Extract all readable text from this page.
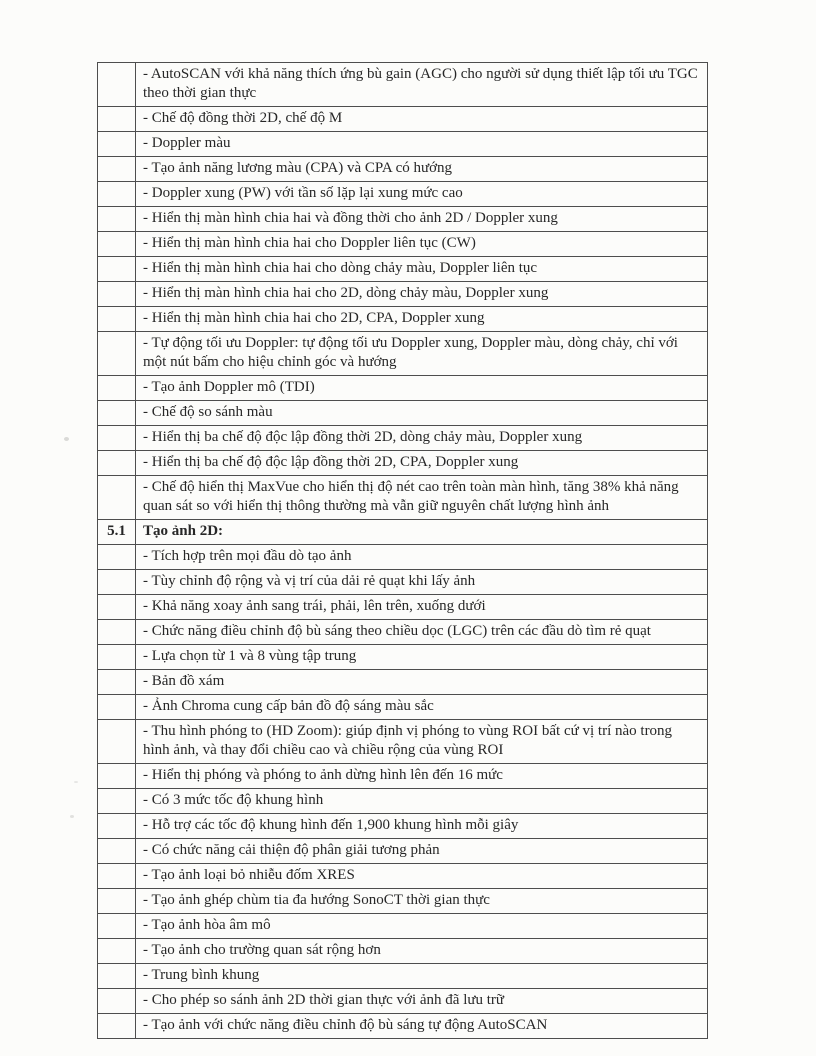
	- AutoSCAN với khả năng thích ứng bù gain (AGC) cho người sử dụng thiết lập tối ưu TGC theo thời gian thực
	- Chế độ đồng thời 2D, chế độ M
	- Doppler màu
	- Tạo ảnh năng lương màu (CPA) và CPA có hướng
	- Doppler xung (PW) với tần số lặp lại xung mức cao
	- Hiển thị màn hình chia hai và đồng thời cho ảnh 2D / Doppler xung
	- Hiển thị màn hình chia hai cho Doppler liên tục (CW)
	- Hiển thị màn hình chia hai cho dòng chảy màu, Doppler liên tục
	- Hiển thị màn hình chia hai cho 2D, dòng chảy màu, Doppler xung
	- Hiển thị màn hình chia hai cho 2D, CPA, Doppler xung
	- Tự động tối ưu Doppler: tự động tối ưu Doppler xung, Doppler màu, dòng chảy, chỉ với một nút bấm cho hiệu chỉnh góc và hướng
	- Tạo ảnh Doppler mô (TDI)
	- Chế độ so sánh màu
	- Hiển thị ba chế độ độc lập đồng thời 2D, dòng chảy màu, Doppler xung
	- Hiển thị ba chế độ độc lập đồng thời 2D, CPA, Doppler xung
	- Chế độ hiển thị MaxVue cho hiển thị độ nét cao trên toàn màn hình, tăng 38% khả năng quan sát so với hiển thị thông thường mà vẫn giữ nguyên chất lượng hình ảnh
5.1	Tạo ảnh 2D:
	- Tích hợp trên mọi đầu dò tạo ảnh
	- Tùy chỉnh độ rộng và vị trí của dải rẻ quạt khi lấy ảnh
	- Khả năng xoay ảnh sang trái, phải, lên trên, xuống dưới
	- Chức năng điều chỉnh độ bù sáng theo chiều dọc (LGC) trên các đầu dò tìm rẻ quạt
	- Lựa chọn từ 1 và 8 vùng tập trung
	- Bản đồ xám
	- Ảnh Chroma cung cấp bản đồ độ sáng màu sắc
	- Thu hình phóng to (HD Zoom): giúp định vị phóng to vùng ROI bất cứ vị trí nào trong hình ảnh, và thay đổi chiều cao và chiều rộng của vùng ROI
	- Hiển thị phóng và phóng to ảnh dừng hình lên đến 16 mức
	- Có 3 mức tốc độ khung hình
	- Hỗ trợ các tốc độ khung hình đến 1,900 khung hình mỗi giây
	- Có chức năng cải thiện độ phân giải tương phản
	- Tạo ảnh loại bỏ nhiễu đốm XRES
	- Tạo ảnh ghép chùm tia đa hướng SonoCT thời gian thực
	- Tạo ảnh hòa âm mô
	- Tạo ảnh cho trường quan sát rộng hơn
	- Trung bình khung
	- Cho phép so sánh ảnh 2D thời gian thực với ảnh đã lưu trữ
	- Tạo ảnh với chức năng điều chỉnh độ bù sáng tự động AutoSCAN
